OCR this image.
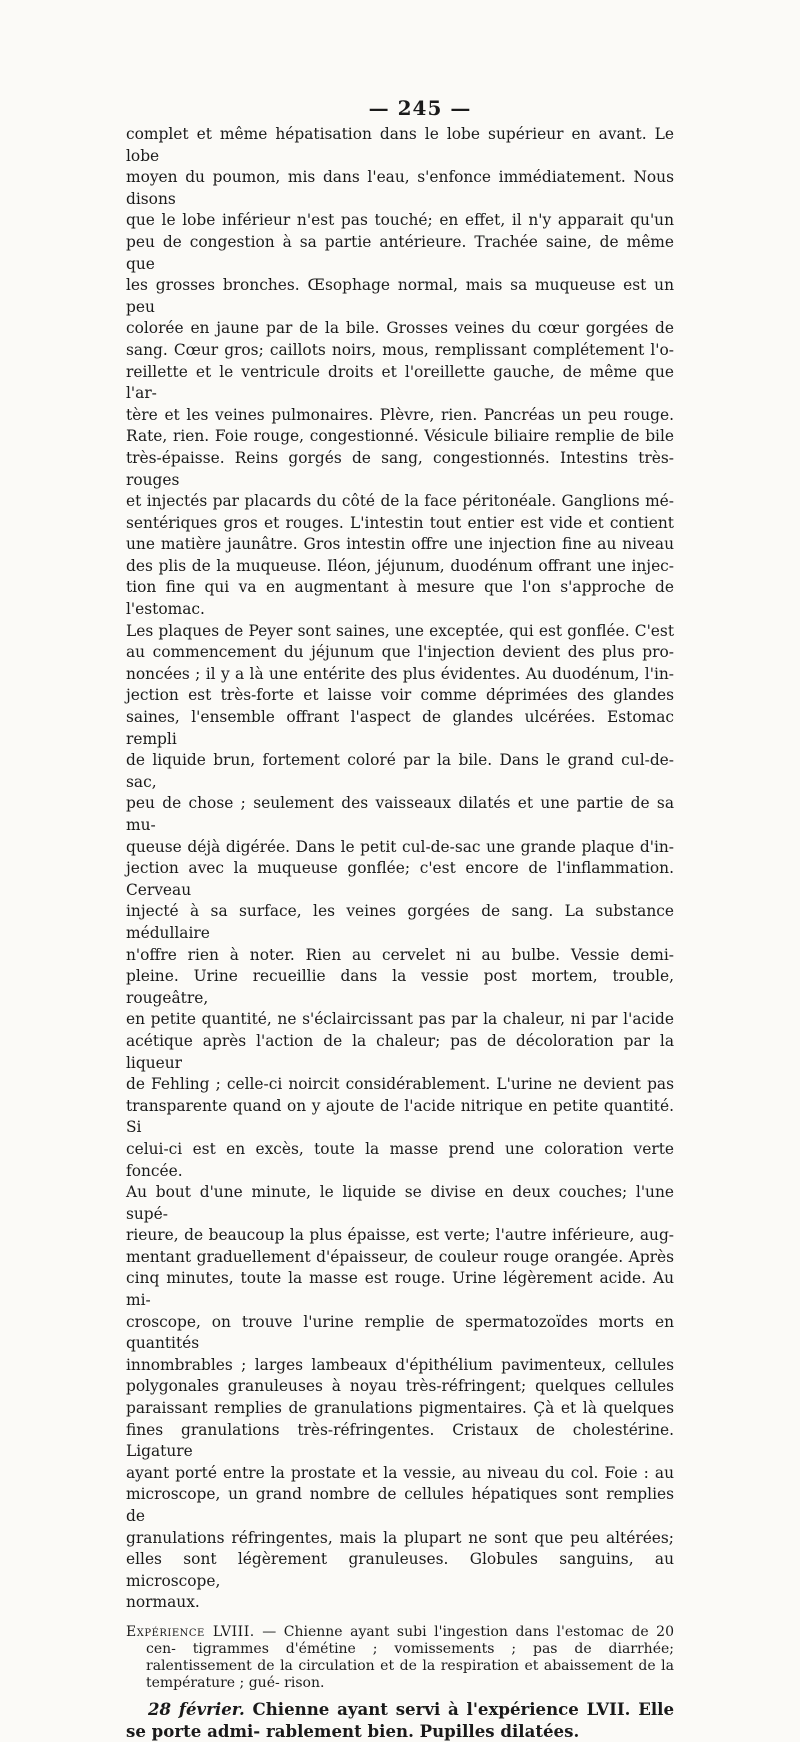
— 245 —

complet et même hépatisation dans le lobe supérieur en avant. Le lobe

moyen du poumon, mis dans l'eau, s'enfonce immédiatement. Nous disons

que le lobe inférieur n'est pas touché; en effet, il n'y apparait qu'un

peu de congestion à sa partie antérieure. Trachée saine, de même que

les grosses bronches. Œsophage normal, mais sa muqueuse est un peu

colorée en jaune par de la bile. Grosses veines du cœur gorgées de

sang. Cœur gros; caillots noirs, mous, remplissant complétement l'o-

reillette et le ventricule droits et l'oreillette gauche, de même que l'ar-

tère et les veines pulmonaires. Plèvre, rien. Pancréas un peu rouge.

Rate, rien. Foie rouge, congestionné. Vésicule biliaire remplie de bile

très-épaisse. Reins gorgés de sang, congestionnés. Intestins très-rouges

et injectés par placards du côté de la face péritonéale. Ganglions mé-

sentériques gros et rouges. L'intestin tout entier est vide et contient

une matière jaunâtre. Gros intestin offre une injection fine au niveau

des plis de la muqueuse. Iléon, jéjunum, duodénum offrant une injec-

tion fine qui va en augmentant à mesure que l'on s'approche de l'estomac.

Les plaques de Peyer sont saines, une exceptée, qui est gonflée. C'est

au commencement du jéjunum que l'injection devient des plus pro-

noncées ; il y a là une entérite des plus évidentes. Au duodénum, l'in-

jection est très-forte et laisse voir comme déprimées des glandes

saines, l'ensemble offrant l'aspect de glandes ulcérées. Estomac rempli

de liquide brun, fortement coloré par la bile. Dans le grand cul-de-sac,

peu de chose ; seulement des vaisseaux dilatés et une partie de sa mu-

queuse déjà digérée. Dans le petit cul-de-sac une grande plaque d'in-

jection avec la muqueuse gonflée; c'est encore de l'inflammation. Cerveau

injecté à sa surface, les veines gorgées de sang. La substance médullaire

n'offre rien à noter. Rien au cervelet ni au bulbe. Vessie demi-

pleine. Urine recueillie dans la vessie post mortem, trouble, rougeâtre,

en petite quantité, ne s'éclaircissant pas par la chaleur, ni par l'acide

acétique après l'action de la chaleur; pas de décoloration par la liqueur

de Fehling ; celle-ci noircit considérablement. L'urine ne devient pas

transparente quand on y ajoute de l'acide nitrique en petite quantité. Si

celui-ci est en excès, toute la masse prend une coloration verte foncée.

Au bout d'une minute, le liquide se divise en deux couches; l'une supé-

rieure, de beaucoup la plus épaisse, est verte; l'autre inférieure, aug-

mentant graduellement d'épaisseur, de couleur rouge orangée. Après

cinq minutes, toute la masse est rouge. Urine légèrement acide. Au mi-

croscope, on trouve l'urine remplie de spermatozoïdes morts en quantités

innombrables ; larges lambeaux d'épithélium pavimenteux, cellules

polygonales granuleuses à noyau très-réfringent; quelques cellules

paraissant remplies de granulations pigmentaires. Çà et là quelques

fines granulations très-réfringentes. Cristaux de cholestérine. Ligature

ayant porté entre la prostate et la vessie, au niveau du col. Foie : au

microscope, un grand nombre de cellules hépatiques sont remplies de

granulations réfringentes, mais la plupart ne sont que peu altérées;

elles sont légèrement granuleuses. Globules sanguins, au microscope,

normaux.

Expérience LVIII. — Chienne ayant subi l'ingestion dans l'estomac de 20 cen- tigrammes d'émétine ; vomissements ; pas de diarrhée; ralentissement de la circulation et de la respiration et abaissement de la température ; gué- rison.
28 février. Chienne ayant servi à l'expérience LVII. Elle se porte admi- rablement bien. Pupilles dilatées.
